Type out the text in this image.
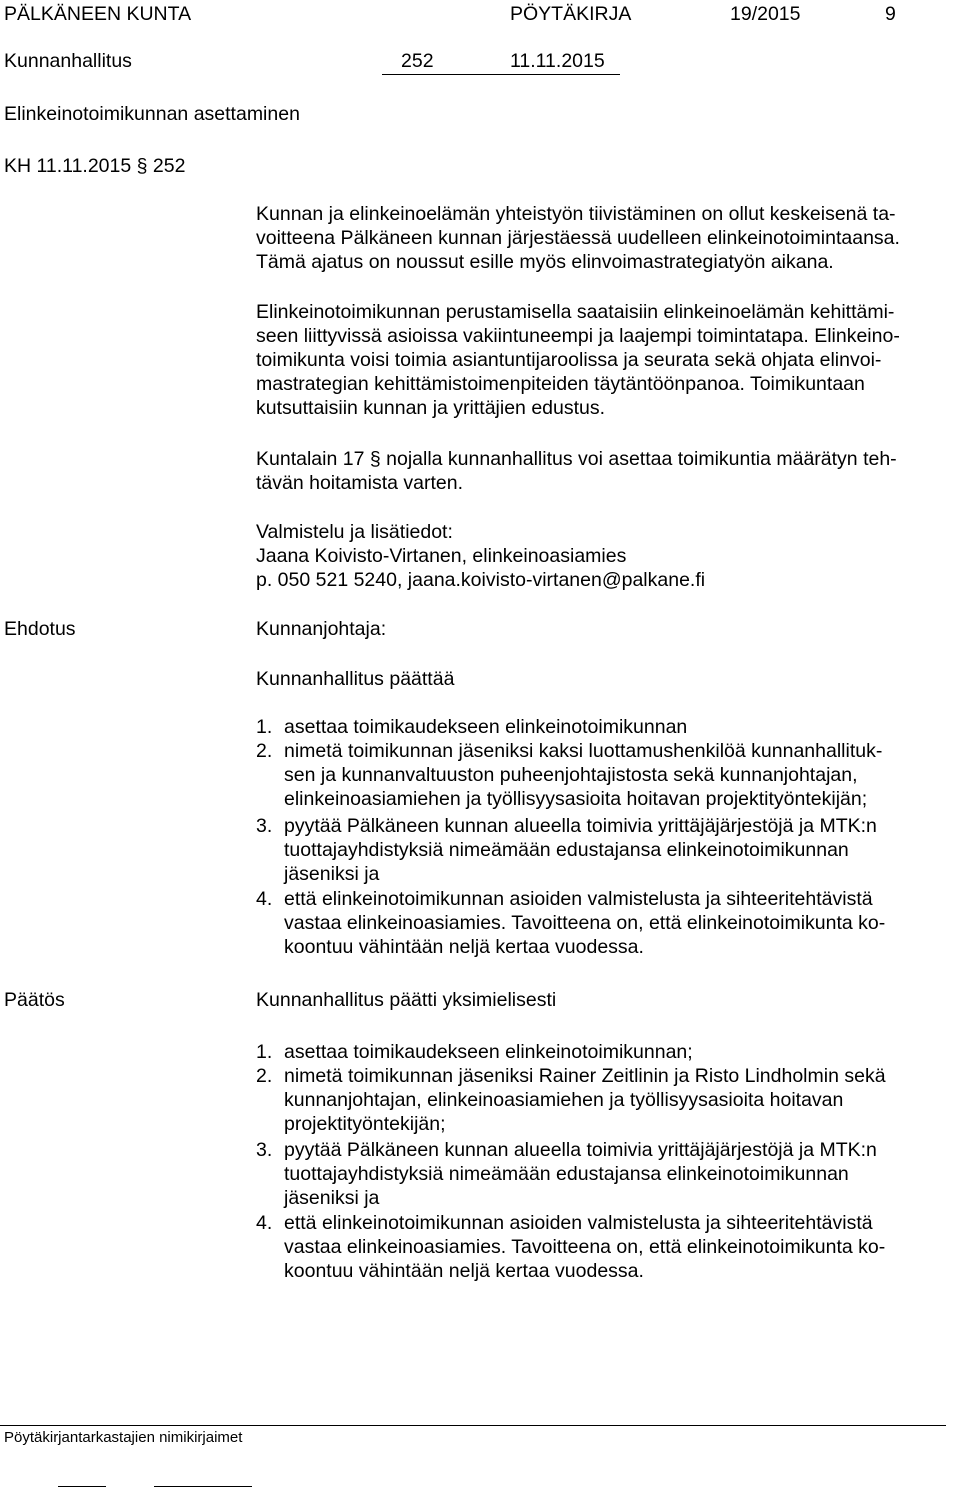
PÄLKÄNEEN KUNTA	PÖYTÄKIRJA	19/2015	9
Kunnanhallitus	252	11.11.2015
Elinkeinotoimikunnan asettaminen
KH 11.11.2015 § 252
Kunnan ja elinkeinoelämän yhteistyön tiivistäminen on ollut keskeisenä ta-
voitteena Pälkäneen kunnan järjestäessä uudelleen elinkeinotoimintaansa.
Tämä ajatus on noussut esille myös elinvoimastrategiatyön aikana.
Elinkeinotoimikunnan perustamisella saataisiin elinkeinoelämän kehittämi-
seen liittyvissä asioissa vakiintuneempi ja laajempi toimintatapa. Elinkeino-
toimikunta voisi toimia asiantuntijaroolissa ja seurata sekä ohjata elinvoi-
mastrategian kehittämistoimenpiteiden täytäntöönpanoa. Toimikuntaan
kutsuttaisiin kunnan ja yrittäjien edustus.
Kuntalain 17 § nojalla kunnanhallitus voi asettaa toimikuntia määrätyn teh-
tävän hoitamista varten.
Valmistelu ja lisätiedot:
Jaana Koivisto-Virtanen, elinkeinoasiamies
p. 050 521 5240, jaana.koivisto-virtanen@palkane.fi
Ehdotus	Kunnanjohtaja:
Kunnanhallitus päättää
1. asettaa toimikaudekseen elinkeinotoimikunnan
2. nimetä toimikunnan jäseniksi kaksi luottamushenkilöä kunnanhallituk-
sen ja kunnanvaltuuston puheenjohtajistosta sekä kunnanjohtajan,
elinkeinoasiamiehen ja työllisyysasioita hoitavan projektityöntekijän;
3. pyytää Pälkäneen kunnan alueella toimivia yrittäjäjärjestöjä ja MTK:n
tuottajayhdistyksiä nimeämään edustajansa elinkeinotoimikunnan
jäseniksi ja
4. että elinkeinotoimikunnan asioiden valmistelusta ja sihteeritehtävistä
vastaa elinkeinoasiamies. Tavoitteena on, että elinkeinotoimikunta ko-
koontuu vähintään neljä kertaa vuodessa.
Päätös	Kunnanhallitus päätti yksimielisesti
1. asettaa toimikaudekseen elinkeinotoimikunnan;
2. nimetä toimikunnan jäseniksi Rainer Zeitlinin ja Risto Lindholmin sekä
kunnanjohtajan, elinkeinoasiamiehen ja työllisyysasioita hoitavan
projektityöntekijän;
3. pyytää Pälkäneen kunnan alueella toimivia yrittäjäjärjestöjä ja MTK:n
tuottajayhdistyksiä nimeämään edustajansa elinkeinotoimikunnan
jäseniksi ja
4. että elinkeinotoimikunnan asioiden valmistelusta ja sihteeritehtävistä
vastaa elinkeinoasiamies. Tavoitteena on, että elinkeinotoimikunta ko-
koontuu vähintään neljä kertaa vuodessa.
Pöytäkirjantarkastajien nimikirjaimet
